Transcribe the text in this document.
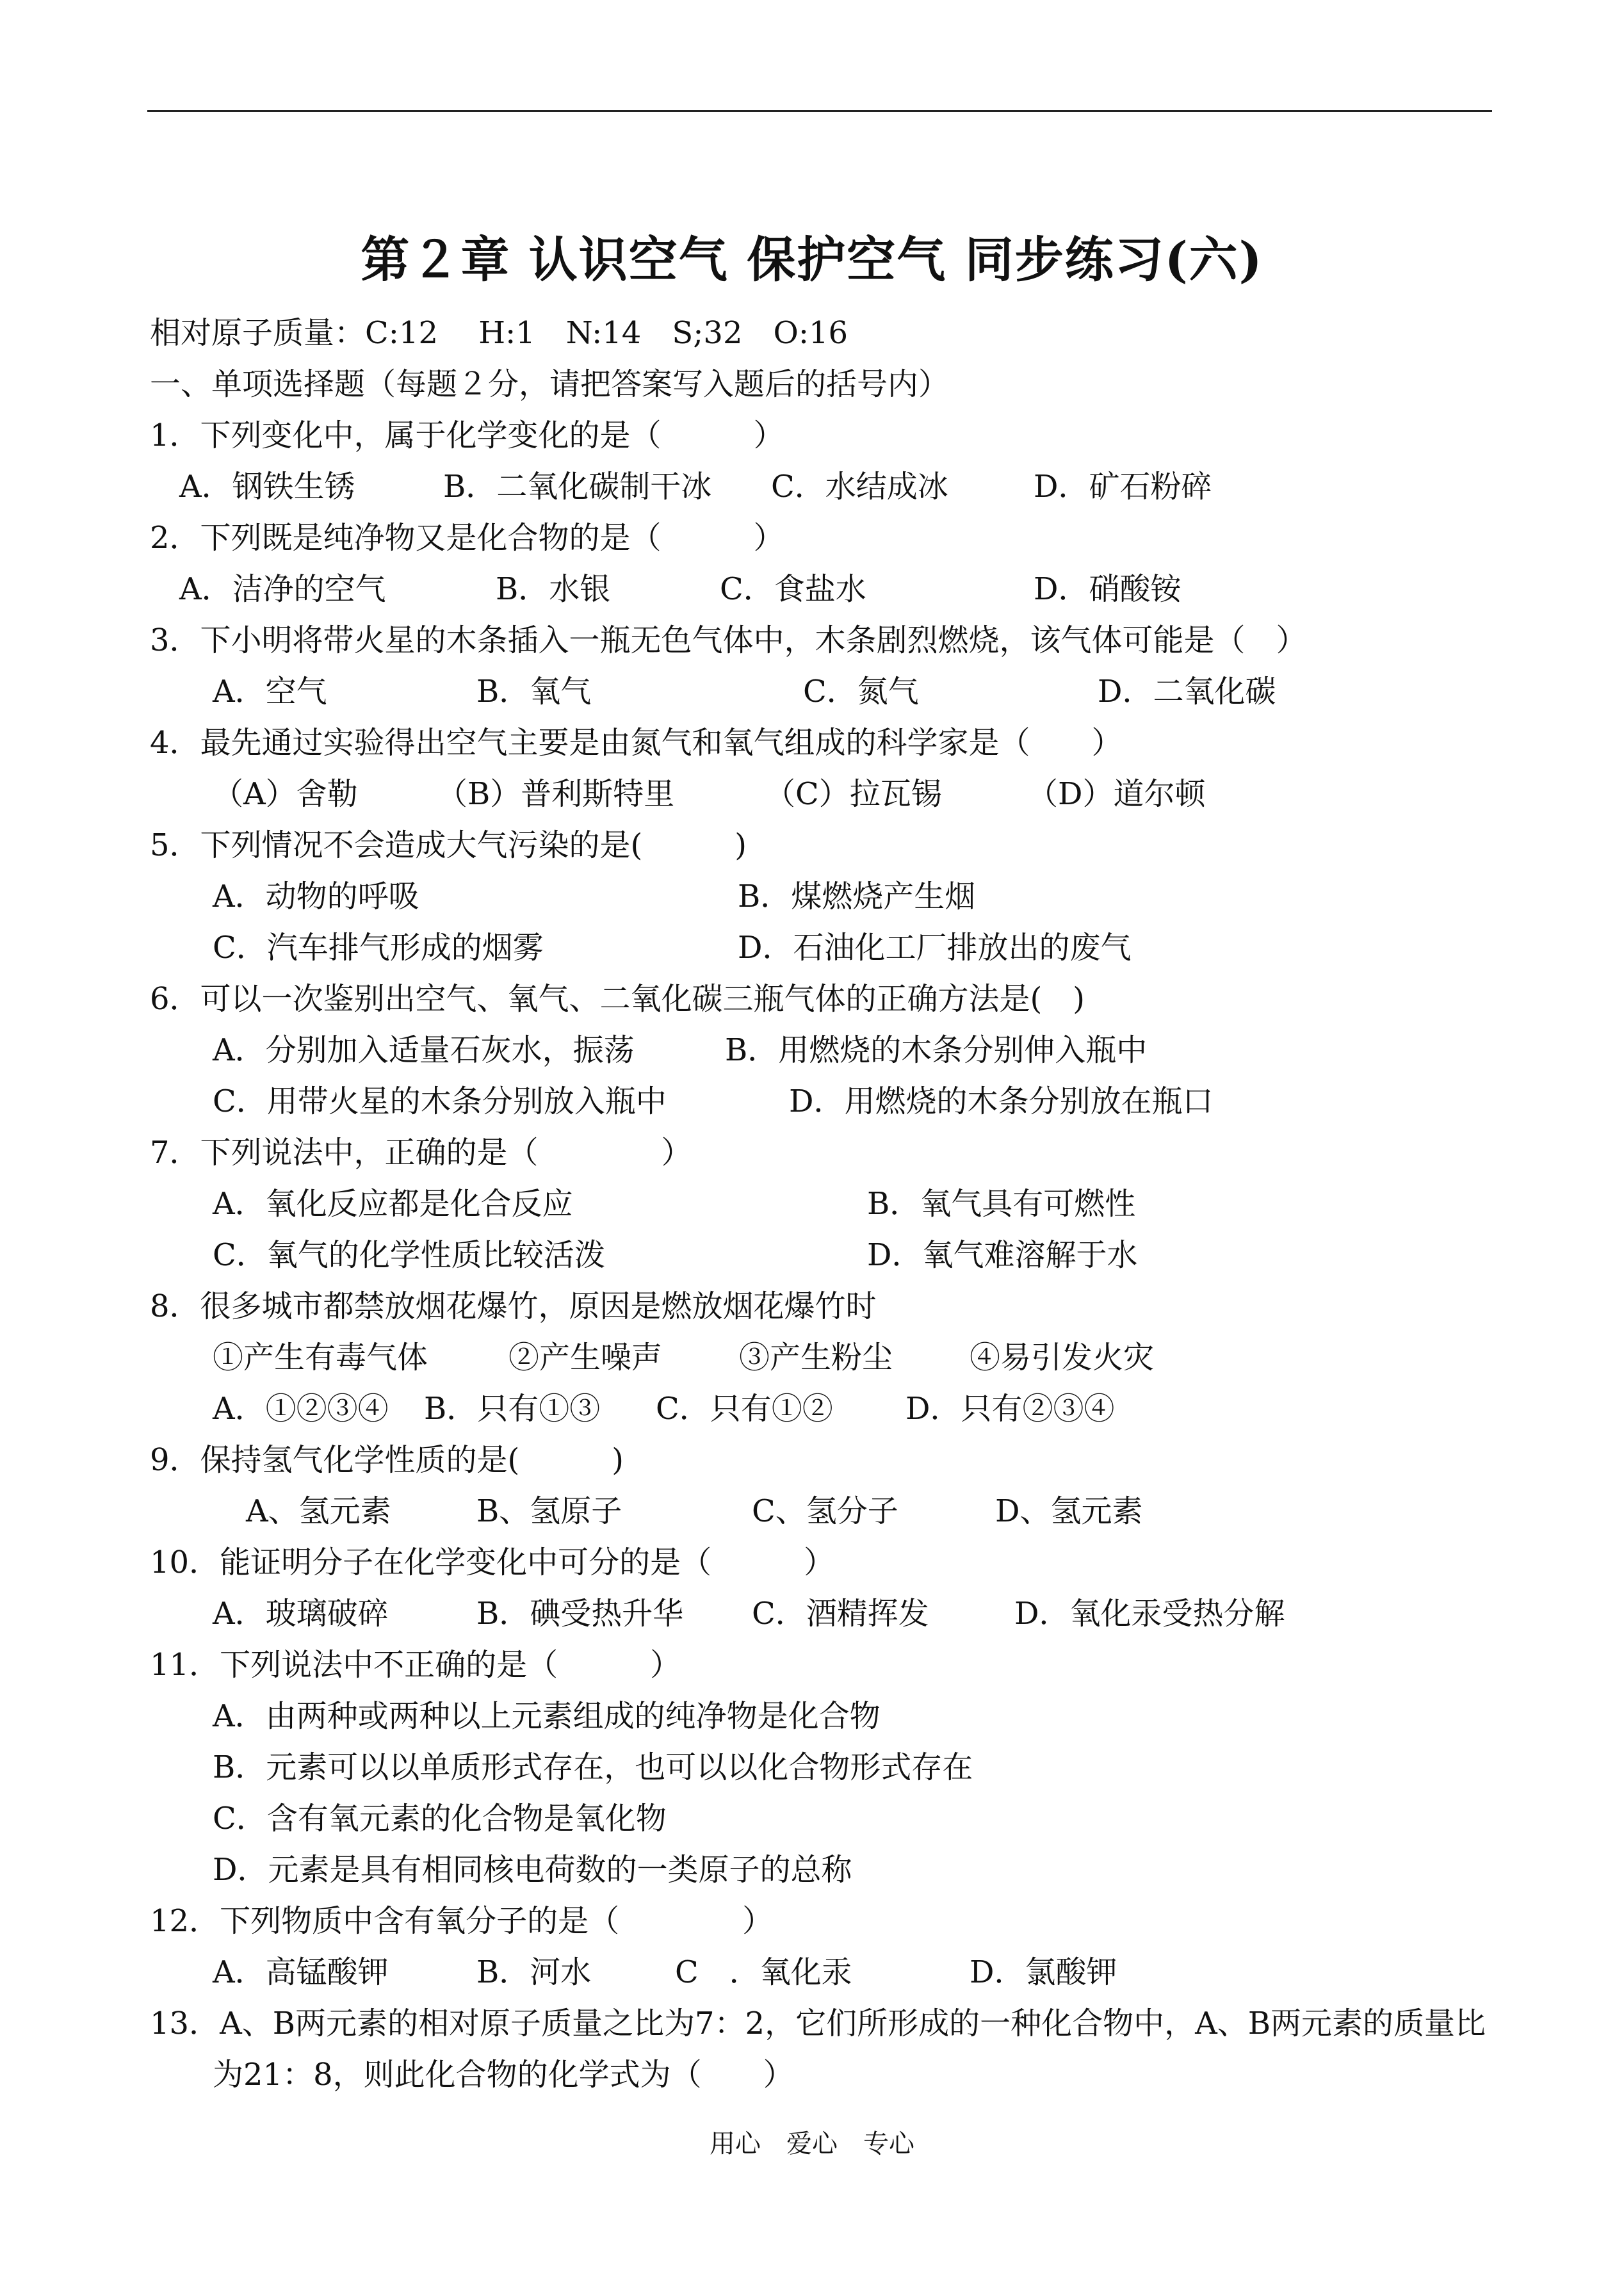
第２章 认识空气 保护空气 同步练习(六)
相对原子质量：C:12　 H:1　N:14　S;32　O:16
一、单项选择题（每题２分，请把答案写入题后的括号内）
1．下列变化中，属于化学变化的是（　　　）
A．钢铁生锈	B．二氧化碳制干冰 C．水结成冰	D．矿石粉碎
2．下列既是纯净物又是化合物的是（　　　）
A．洁净的空气	B．水银	C．食盐水	D．硝酸铵
3．下小明将带火星的木条插入一瓶无色气体中，木条剧烈燃烧，该气体可能是（　）
A．空气	B．氧气	C．氮气	D．二氧化碳
4．最先通过实验得出空气主要是由氮气和氧气组成的科学家是（　　）
（A）舍勒	（B）普利斯特里	（C）拉瓦锡	（D）道尔顿
5．下列情况不会造成大气污染的是(　　　)
A．动物的呼吸	B．煤燃烧产生烟
C．汽车排气形成的烟雾	D．石油化工厂排放出的废气
6．可以一次鉴别出空气、氧气、二氧化碳三瓶气体的正确方法是(　)
A．分别加入适量石灰水，振荡	B．用燃烧的木条分别伸入瓶中
C．用带火星的木条分别放入瓶中	D．用燃烧的木条分别放在瓶口
7．下列说法中，正确的是（　　　　）
A．氧化反应都是化合反应	B．氧气具有可燃性
C．氧气的化学性质比较活泼	D．氧气难溶解于水
8．很多城市都禁放烟花爆竹，原因是燃放烟花爆竹时
①产生有毒气体	②产生噪声 ③产生粉尘 ④易引发火灾
A．①②③④ B．只有①③ C．只有①② D．只有②③④
9．保持氢气化学性质的是(　　　)
A、氢元素	B、氢原子	C、氢分子	D、氢元素
10．能证明分子在化学变化中可分的是（　　　）
A．玻璃破碎	B．碘受热升华 C．酒精挥发	D．氧化汞受热分解
11．下列说法中不正确的是（　　　）
A．由两种或两种以上元素组成的纯净物是化合物
B．元素可以以单质形式存在，也可以以化合物形式存在
C．含有氧元素的化合物是氧化物
D．元素是具有相同核电荷数的一类原子的总称
12．下列物质中含有氧分子的是（　　　　）
A．高锰酸钾	B．河水	C　．氧化汞	D．氯酸钾
13．A、B两元素的相对原子质量之比为7：2，它们所形成的一种化合物中，A、B两元素的质量比为21：8，则此化合物的化学式为（　　）
用心　爱心　专心
